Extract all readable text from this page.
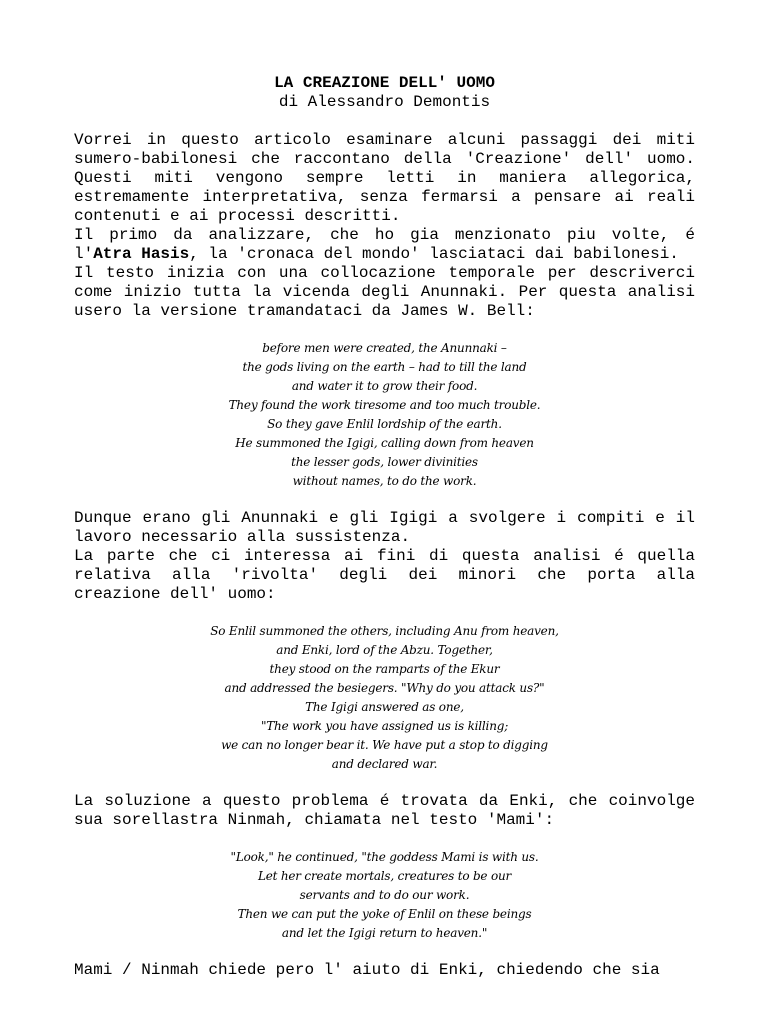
LA CREAZIONE DELL' UOMO
di Alessandro Demontis

Vorrei in questo articolo esaminare alcuni passaggi dei miti sumero-babilonesi che raccontano della 'Creazione' dell' uomo. Questi miti vengono sempre letti in maniera allegorica, estremamente interpretativa, senza fermarsi a pensare ai reali contenuti e ai processi descritti.

Il primo da analizzare, che ho gia menzionato piu volte, é l'Atra Hasis, la 'cronaca del mondo' lasciataci dai babilonesi.

Il testo inizia con una collocazione temporale per descriverci come inizio tutta la vicenda degli Anunnaki. Per questa analisi usero la versione tramandataci da James W. Bell:

before men were created, the Anunnaki –
the gods living on the earth – had to till the land
and water it to grow their food.
They found the work tiresome and too much trouble.
So they gave Enlil lordship of the earth.
He summoned the Igigi, calling down from heaven
the lesser gods, lower divinities
without names, to do the work.

Dunque erano gli Anunnaki e gli Igigi a svolgere i compiti e il lavoro necessario alla sussistenza.

La parte che ci interessa ai fini di questa analisi é quella relativa alla 'rivolta' degli dei minori che porta alla creazione dell' uomo:

So Enlil summoned the others, including Anu from heaven,
and Enki, lord of the Abzu. Together,
they stood on the ramparts of the Ekur
and addressed the besiegers. "Why do you attack us?"
The Igigi answered as one,
"The work you have assigned us is killing;
we can no longer bear it. We have put a stop to digging
and declared war.

La soluzione a questo problema é trovata da Enki, che coinvolge sua sorellastra Ninmah, chiamata nel testo 'Mami':

"Look," he continued, "the goddess Mami is with us.
Let her create mortals, creatures to be our
servants and to do our work.
Then we can put the yoke of Enlil on these beings
and let the Igigi return to heaven."

Mami / Ninmah chiede pero l' aiuto di Enki, chiedendo che sia
